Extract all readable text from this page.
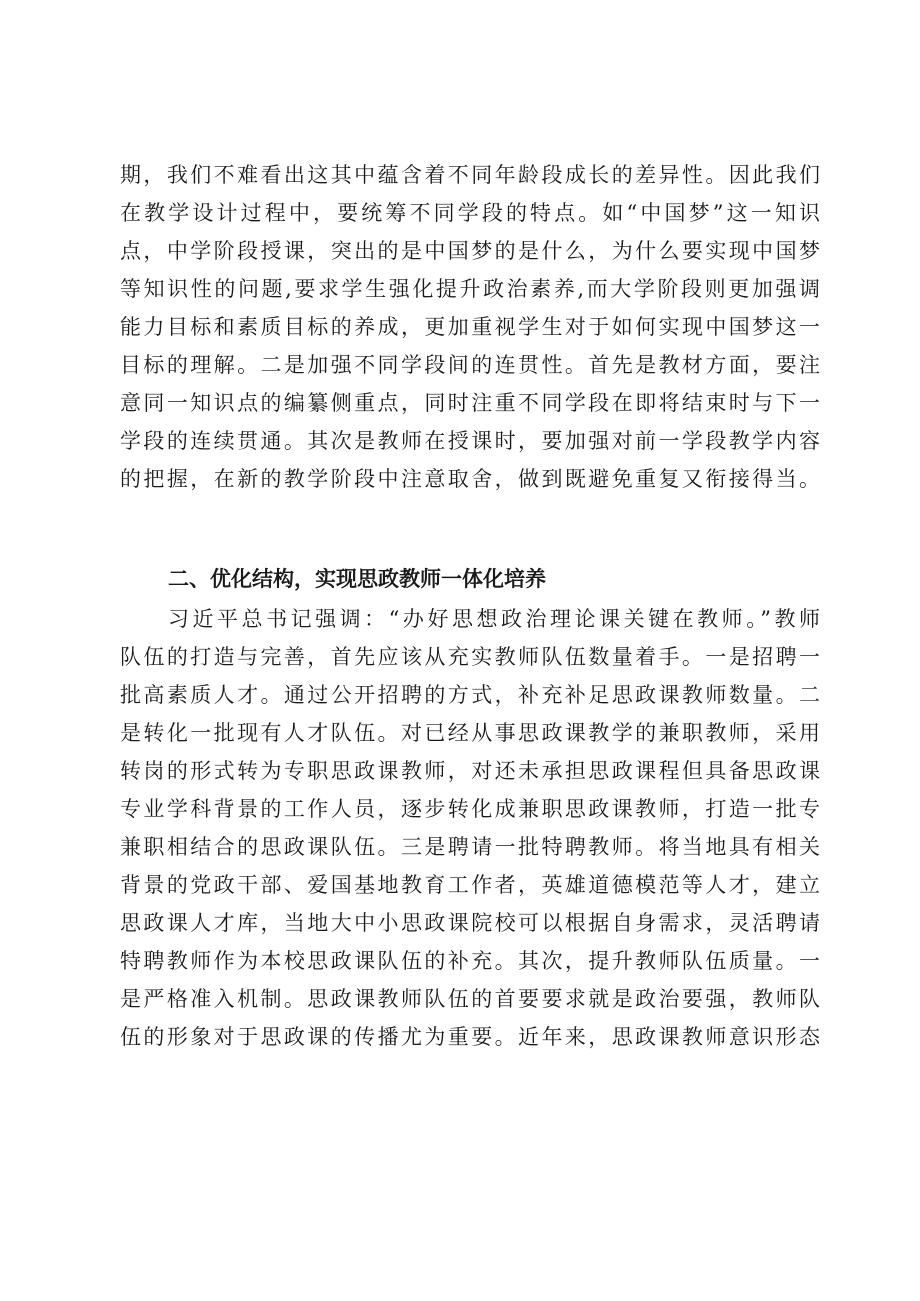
期，我们不难看出这其中蕴含着不同年龄段成长的差异性。因此我们
在教学设计过程中，要统筹不同学段的特点。如“中国梦”这一知识
点，中学阶段授课，突出的是中国梦的是什么，为什么要实现中国梦
等知识性的问题,要求学生强化提升政治素养,而大学阶段则更加强调
能力目标和素质目标的养成，更加重视学生对于如何实现中国梦这一
目标的理解。二是加强不同学段间的连贯性。首先是教材方面，要注
意同一知识点的编纂侧重点，同时注重不同学段在即将结束时与下一
学段的连续贯通。其次是教师在授课时，要加强对前一学段教学内容
的把握，在新的教学阶段中注意取舍，做到既避免重复又衔接得当。
二、优化结构，实现思政教师一体化培养
习近平总书记强调：“办好思想政治理论课关键在教师。”教师
队伍的打造与完善，首先应该从充实教师队伍数量着手。一是招聘一
批高素质人才。通过公开招聘的方式，补充补足思政课教师数量。二
是转化一批现有人才队伍。对已经从事思政课教学的兼职教师，采用
转岗的形式转为专职思政课教师，对还未承担思政课程但具备思政课
专业学科背景的工作人员，逐步转化成兼职思政课教师，打造一批专
兼职相结合的思政课队伍。三是聘请一批特聘教师。将当地具有相关
背景的党政干部、爱国基地教育工作者，英雄道德模范等人才，建立
思政课人才库，当地大中小思政课院校可以根据自身需求，灵活聘请
特聘教师作为本校思政课队伍的补充。其次，提升教师队伍质量。一
是严格准入机制。思政课教师队伍的首要要求就是政治要强，教师队
伍的形象对于思政课的传播尤为重要。近年来，思政课教师意识形态
